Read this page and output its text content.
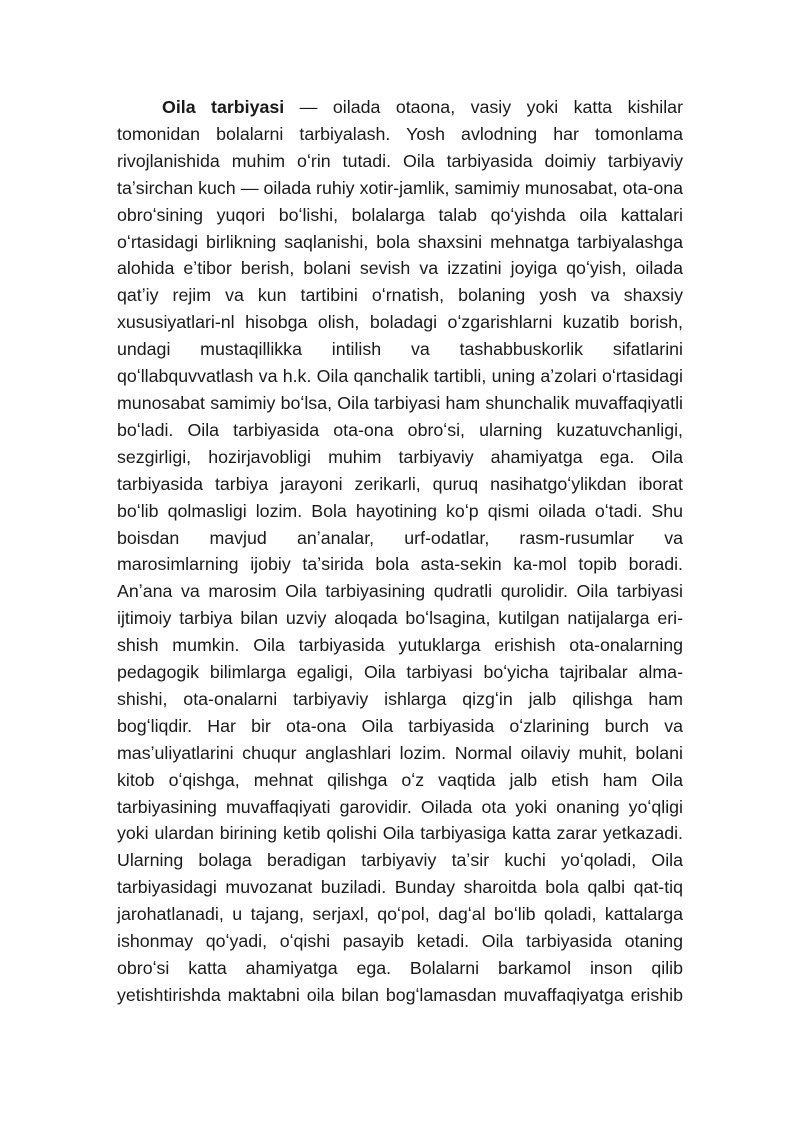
Oila tarbiyasi — oilada otaona, vasiy yoki katta kishilar tomonidan bolalarni tarbiyalash. Yosh avlodning har tomonlama rivojlanishida muhim oʻrin tutadi. Oila tarbiyasida doimiy tarbiyaviy taʼsirchan kuch — oilada ruhiy xotir-jamlik, samimiy munosabat, ota-ona obroʻsining yuqori boʻlishi, bolalarga talab qoʻyishda oila kattalari oʻrtasidagi birlikning saqlanishi, bola shaxsini mehnatga tarbiyalashga alohida eʼtibor berish, bolani sevish va izzatini joyiga qoʻyish, oilada qatʼiy rejim va kun tartibini oʻrnatish, bolaning yosh va shaxsiy xususiyatlari-nl hisobga olish, boladagi oʻzgarishlarni kuzatib borish, undagi mustaqillikka intilish va tashabbuskorlik sifatlarini qoʻllabquvvatlash va h.k. Oila qanchalik tartibli, uning aʼzolari oʻrtasidagi munosabat samimiy boʻlsa, Oila tarbiyasi ham shunchalik muvaffaqiyatli boʻladi. Oila tarbiyasida ota-ona obroʻsi, ularning kuzatuvchanligi, sezgirligi, hozirjavobligi muhim tarbiyaviy ahamiyatga ega. Oila tarbiyasida tarbiya jarayoni zerikarli, quruq nasihatgoʻylikdan iborat boʻlib qolmasligi lozim. Bola hayotining koʻp qismi oilada oʻtadi. Shu boisdan mavjud anʼanalar, urf-odatlar, rasm-rusumlar va marosimlarning ijobiy taʼsirida bola asta-sekin ka-mol topib boradi. Anʼana va marosim Oila tarbiyasining qudratli qurolidir. Oila tarbiyasi ijtimoiy tarbiya bilan uzviy aloqada boʻlsagina, kutilgan natijalarga eri-shish mumkin. Oila tarbiyasida yutuklarga erishish ota-onalarning pedagogik bilimlarga egaligi, Oila tarbiyasi boʻyicha tajribalar alma-shishi, ota-onalarni tarbiyaviy ishlarga qizgʻin jalb qilishga ham bogʻliqdir. Har bir ota-ona Oila tarbiyasida oʻzlarining burch va masʼuliyatlarini chuqur anglashlari lozim. Normal oilaviy muhit, bolani kitob oʻqishga, mehnat qilishga oʻz vaqtida jalb etish ham Oila tarbiyasining muvaffaqiyati garovidir. Oilada ota yoki onaning yoʻqligi yoki ulardan birining ketib qolishi Oila tarbiyasiga katta zarar yetkazadi. Ularning bolaga beradigan tarbiyaviy taʼsir kuchi yoʻqoladi, Oila tarbiyasidagi muvozanat buziladi. Bunday sharoitda bola qalbi qat-tiq jarohatlanadi, u tajang, serjaxl, qoʻpol, dagʻal boʻlib qoladi, kattalarga ishonmay qoʻyadi, oʻqishi pasayib ketadi. Oila tarbiyasida otaning obroʻsi katta ahamiyatga ega. Bolalarni barkamol inson qilib yetishtirishda maktabni oila bilan bogʻlamasdan muvaffaqiyatga erishib
